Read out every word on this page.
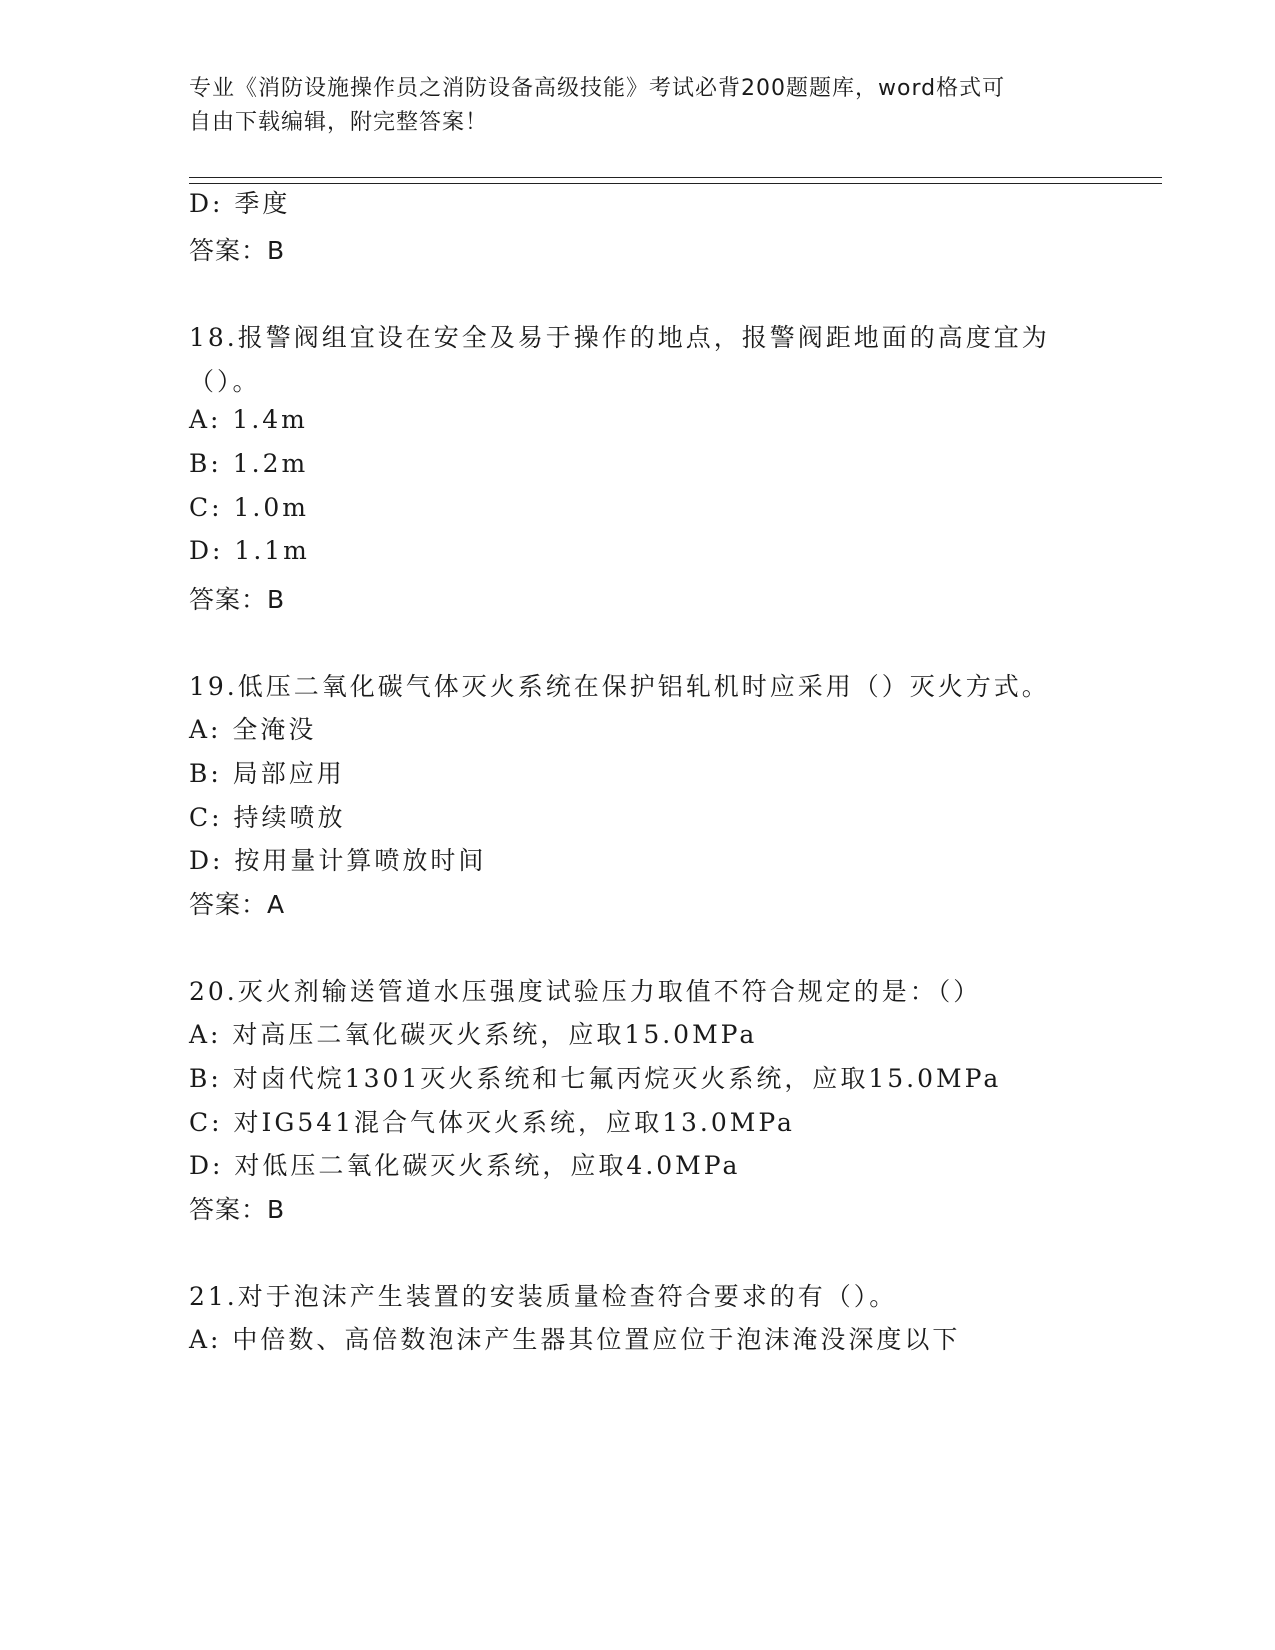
专业《消防设施操作员之消防设备高级技能》考试必背200题题库，word格式可
自由下载编辑，附完整答案！
D: 季度
答案：B
18.报警阀组宜设在安全及易于操作的地点，报警阀距地面的高度宜为
（）。
A: 1.4m
B: 1.2m
C: 1.0m
D: 1.1m
答案：B
19.低压二氧化碳气体灭火系统在保护铝轧机时应采用（）灭火方式。
A: 全淹没
B: 局部应用
C: 持续喷放
D: 按用量计算喷放时间
答案：A
20.灭火剂输送管道水压强度试验压力取值不符合规定的是：（）
A: 对高压二氧化碳灭火系统，应取15.0MPa
B: 对卤代烷1301灭火系统和七氟丙烷灭火系统，应取15.0MPa
C: 对IG541混合气体灭火系统，应取13.0MPa
D: 对低压二氧化碳灭火系统，应取4.0MPa
答案：B
21.对于泡沫产生装置的安装质量检查符合要求的有（）。
A: 中倍数、高倍数泡沫产生器其位置应位于泡沫淹没深度以下
